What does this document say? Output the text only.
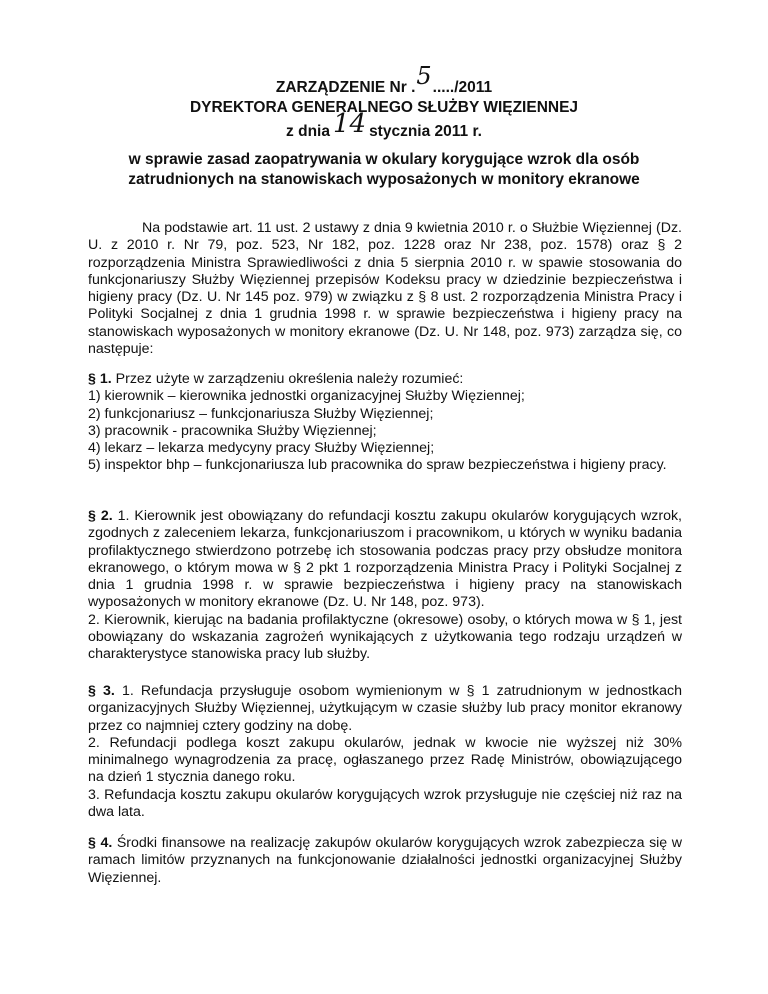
ZARZĄDZENIE Nr .5...../2011
DYREKTORA GENERALNEGO SŁUŻBY WIĘZIENNEJ
z dnia 14 stycznia 2011 r.
w sprawie zasad zaopatrywania w okulary korygujące wzrok dla osób
zatrudnionych na stanowiskach wyposażonych w monitory ekranowe

Na podstawie art. 11 ust. 2 ustawy z dnia 9 kwietnia 2010 r. o Służbie Więziennej (Dz. U. z 2010 r. Nr 79, poz. 523, Nr 182, poz. 1228 oraz Nr 238, poz. 1578) oraz § 2 rozporządzenia Ministra Sprawiedliwości z dnia 5 sierpnia 2010 r. w spawie stosowania do funkcjonariuszy Służby Więziennej przepisów Kodeksu pracy w dziedzinie bezpieczeństwa i higieny pracy (Dz. U. Nr 145 poz. 979) w związku z § 8 ust. 2 rozporządzenia Ministra Pracy i Polityki Socjalnej z dnia 1 grudnia 1998 r. w sprawie bezpieczeństwa i higieny pracy na stanowiskach wyposażonych w monitory ekranowe (Dz. U. Nr 148, poz. 973) zarządza się, co następuje:

§ 1. Przez użyte w zarządzeniu określenia należy rozumieć:

1) kierownik – kierownika jednostki organizacyjnej Służby Więziennej;
2) funkcjonariusz – funkcjonariusza Służby Więziennej;
3) pracownik - pracownika Służby Więziennej;
4) lekarz – lekarza medycyny pracy Służby Więziennej;
5) inspektor bhp – funkcjonariusza lub pracownika do spraw bezpieczeństwa i higieny pracy.

§ 2. 1. Kierownik jest obowiązany do refundacji kosztu zakupu okularów korygujących wzrok, zgodnych z zaleceniem lekarza, funkcjonariuszom i pracownikom, u których w wyniku badania profilaktycznego stwierdzono potrzebę ich stosowania podczas pracy przy obsłudze monitora ekranowego, o którym mowa w § 2 pkt 1 rozporządzenia Ministra Pracy i Polityki Socjalnej z dnia 1 grudnia 1998 r. w sprawie bezpieczeństwa i higieny pracy na stanowiskach wyposażonych w monitory ekranowe (Dz. U. Nr 148, poz. 973).

2. Kierownik, kierując na badania profilaktyczne (okresowe) osoby, o których mowa w § 1, jest obowiązany do wskazania zagrożeń wynikających z użytkowania tego rodzaju urządzeń w charakterystyce stanowiska pracy lub służby.

§ 3. 1. Refundacja przysługuje osobom wymienionym w § 1 zatrudnionym w jednostkach organizacyjnych Służby Więziennej, użytkującym w czasie służby lub pracy monitor ekranowy przez co najmniej cztery godziny na dobę.

2. Refundacji podlega koszt zakupu okularów, jednak w kwocie nie wyższej niż 30% minimalnego wynagrodzenia za pracę, ogłaszanego przez Radę Ministrów, obowiązującego na dzień 1 stycznia danego roku.

3. Refundacja kosztu zakupu okularów korygujących wzrok przysługuje nie częściej niż raz na dwa lata.

§ 4. Środki finansowe na realizację zakupów okularów korygujących wzrok zabezpiecza się w ramach limitów przyznanych na funkcjonowanie działalności jednostki organizacyjnej Służby Więziennej.
